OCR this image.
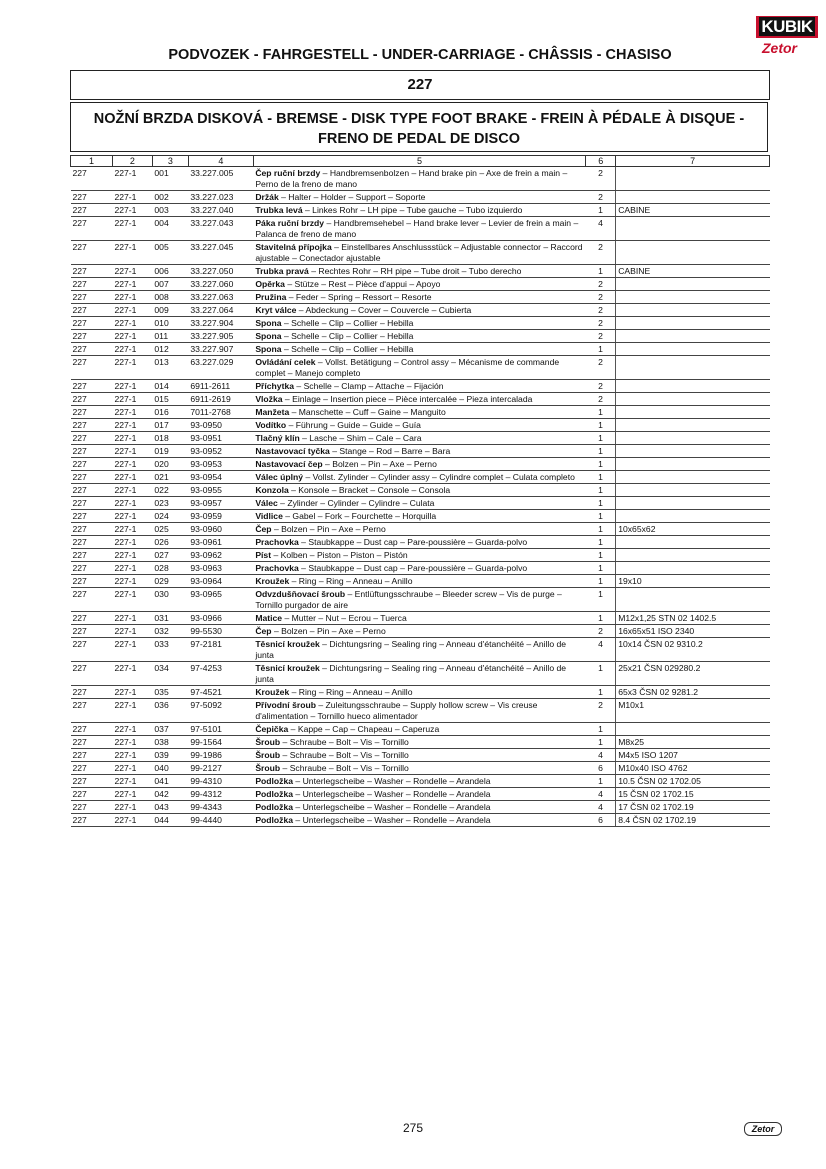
KUBIK
Zetor
PODVOZEK - FAHRGESTELL - UNDER-CARRIAGE - CHÂSSIS - CHASISO
227
NOŽNÍ BRZDA DISKOVÁ - BREMSE - DISK TYPE FOOT BRAKE - FREIN À PÉDALE À DISQUE - FRENO DE PEDAL DE DISCO
1	2	3	4	5	6	7
227	227-1	001	33.227.005	Čep ruční brzdy – Handbremsenbolzen – Hand brake pin – Axe de frein a main – Perno de la freno de mano	2	
227	227-1	002	33.227.023	Držák – Halter – Holder – Support – Soporte	2	
227	227-1	003	33.227.040	Trubka levá – Linkes Rohr – LH pipe – Tube gauche – Tubo izquierdo	1	CABINE
227	227-1	004	33.227.043	Páka ruční brzdy – Handbremsehebel – Hand brake lever – Levier de frein a main – Palanca de freno de mano	4	
227	227-1	005	33.227.045	Stavitelná přípojka – Einstellbares Anschlussstück – Adjustable connector – Raccord ajustable – Conectador ajustable	2	
227	227-1	006	33.227.050	Trubka pravá – Rechtes Rohr – RH pipe – Tube droit – Tubo derecho	1	CABINE
227	227-1	007	33.227.060	Opěrka – Stütze – Rest – Pièce d'appui – Apoyo	2	
227	227-1	008	33.227.063	Pružina – Feder – Spring – Ressort – Resorte	2	
227	227-1	009	33.227.064	Kryt válce – Abdeckung – Cover – Couvercle – Cubierta	2	
227	227-1	010	33.227.904	Spona – Schelle – Clip – Collier – Hebilla	2	
227	227-1	011	33.227.905	Spona – Schelle – Clip – Collier – Hebilla	2	
227	227-1	012	33.227.907	Spona – Schelle – Clip – Collier – Hebilla	1	
227	227-1	013	63.227.029	Ovládání celek – Vollst. Betätigung – Control assy – Mécanisme de commande complet – Manejo completo	2	
227	227-1	014	6911-2611	Příchytka – Schelle – Clamp – Attache – Fijación	2	
227	227-1	015	6911-2619	Vložka – Einlage – Insertion piece – Pièce intercalée – Pieza intercalada	2	
227	227-1	016	7011-2768	Manžeta – Manschette – Cuff – Gaine – Manguito	1	
227	227-1	017	93-0950	Vodítko – Führung – Guide – Guide – Guía	1	
227	227-1	018	93-0951	Tlačný klín – Lasche – Shim – Cale – Cara	1	
227	227-1	019	93-0952	Nastavovací tyčka – Stange – Rod – Barre – Bara	1	
227	227-1	020	93-0953	Nastavovací čep – Bolzen – Pin – Axe – Perno	1	
227	227-1	021	93-0954	Válec úplný – Vollst. Zylinder – Cylinder assy – Cylindre complet – Culata completo	1	
227	227-1	022	93-0955	Konzola – Konsole – Bracket – Console – Consola	1	
227	227-1	023	93-0957	Válec – Zylinder – Cylinder – Cylindre – Culata	1	
227	227-1	024	93-0959	Vidlice – Gabel – Fork – Fourchette – Horquilla	1	
227	227-1	025	93-0960	Čep – Bolzen – Pin – Axe – Perno	1	10x65x62
227	227-1	026	93-0961	Prachovka – Staubkappe – Dust cap – Pare-poussière – Guarda-polvo	1	
227	227-1	027	93-0962	Píst – Kolben – Piston – Piston – Pistón	1	
227	227-1	028	93-0963	Prachovka – Staubkappe – Dust cap – Pare-poussière – Guarda-polvo	1	
227	227-1	029	93-0964	Kroužek – Ring – Ring – Anneau – Anillo	1	19x10
227	227-1	030	93-0965	Odvzdušňovací šroub – Entlüftungsschraube – Bleeder screw – Vis de purge – Tornillo purgador de aire	1	
227	227-1	031	93-0966	Matice – Mutter – Nut – Ecrou – Tuerca	1	M12x1,25 STN 02 1402.5
227	227-1	032	99-5530	Čep – Bolzen – Pin – Axe – Perno	2	16x65x51 ISO 2340
227	227-1	033	97-2181	Těsnicí kroužek – Dichtungsring – Sealing ring – Anneau d'étanchéité – Anillo de junta	4	10x14 ČSN 02 9310.2
227	227-1	034	97-4253	Těsnicí kroužek – Dichtungsring – Sealing ring – Anneau d'étanchéité – Anillo de junta	1	25x21 ČSN 029280.2
227	227-1	035	97-4521	Kroužek – Ring – Ring – Anneau – Anillo	1	65x3 ČSN 02 9281.2
227	227-1	036	97-5092	Přívodní šroub – Zuleitungsschraube – Supply hollow screw – Vis creuse d'alimentation – Tornillo hueco alimentador	2	M10x1
227	227-1	037	97-5101	Čepička – Kappe – Cap – Chapeau – Caperuza	1	
227	227-1	038	99-1564	Šroub – Schraube – Bolt – Vis – Tornillo	1	M8x25
227	227-1	039	99-1986	Šroub – Schraube – Bolt – Vis – Tornillo	4	M4x5 ISO 1207
227	227-1	040	99-2127	Šroub – Schraube – Bolt – Vis – Tornillo	6	M10x40 ISO 4762
227	227-1	041	99-4310	Podložka – Unterlegscheibe – Washer – Rondelle – Arandela	1	10.5 ČSN 02 1702.05
227	227-1	042	99-4312	Podložka – Unterlegscheibe – Washer – Rondelle – Arandela	4	15 ČSN 02 1702.15
227	227-1	043	99-4343	Podložka – Unterlegscheibe – Washer – Rondelle – Arandela	4	17 ČSN 02 1702.19
227	227-1	044	99-4440	Podložka – Unterlegscheibe – Washer – Rondelle – Arandela	6	8.4 ČSN 02 1702.19
275	Zetor
